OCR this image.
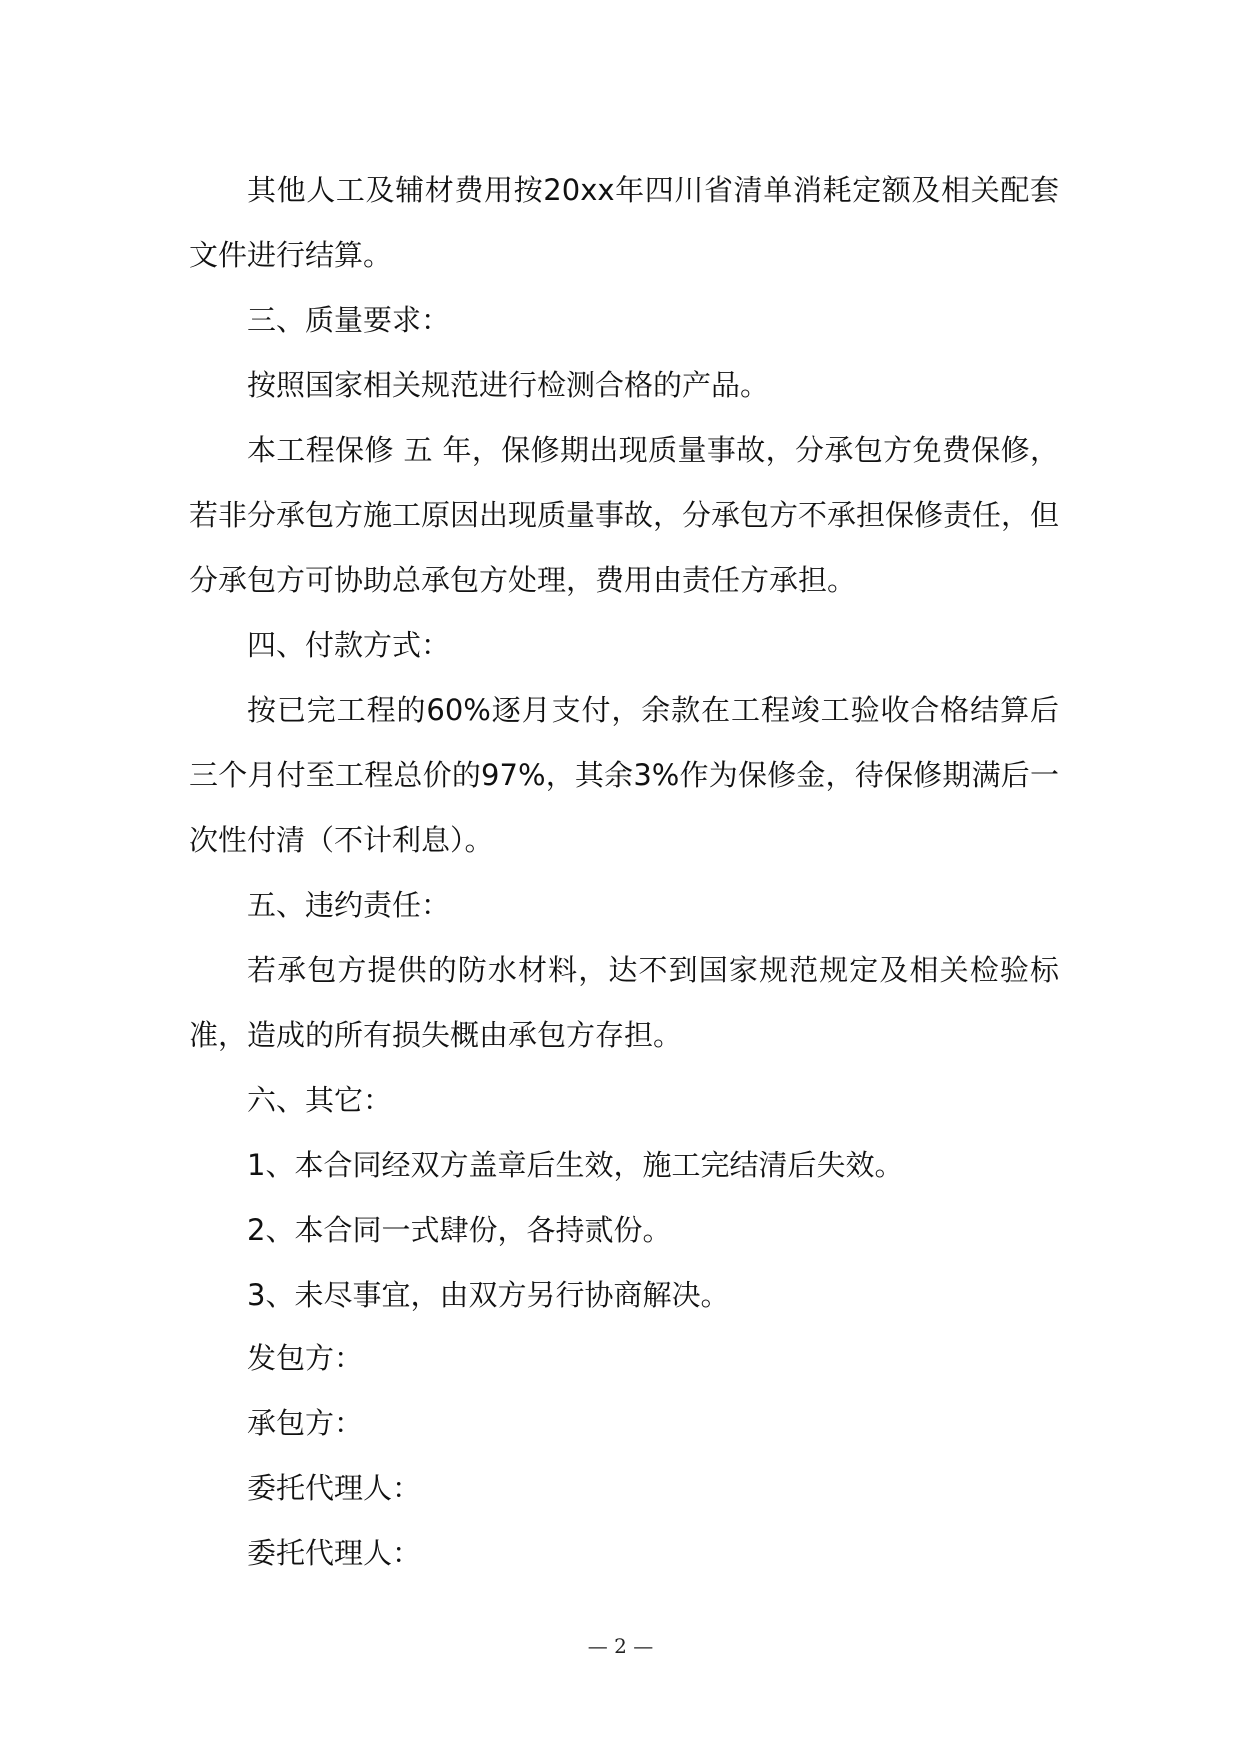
其他人工及辅材费用按20xx年四川省清单消耗定额及相关配套文件进行结算。

三、质量要求：

按照国家相关规范进行检测合格的产品。

本工程保修 五 年，保修期出现质量事故，分承包方免费保修，若非分承包方施工原因出现质量事故，分承包方不承担保修责任，但分承包方可协助总承包方处理，费用由责任方承担。

四、付款方式：

按已完工程的60%逐月支付，余款在工程竣工验收合格结算后三个月付至工程总价的97%，其余3%作为保修金，待保修期满后一次性付清（不计利息）。

五、违约责任：

若承包方提供的防水材料，达不到国家规范规定及相关检验标准，造成的所有损失概由承包方存担。

六、其它：

1、本合同经双方盖章后生效，施工完结清后失效。

2、本合同一式肆份，各持贰份。

3、未尽事宜，由双方另行协商解决。

发包方：

承包方：

委托代理人：

委托代理人：

— 2 —
